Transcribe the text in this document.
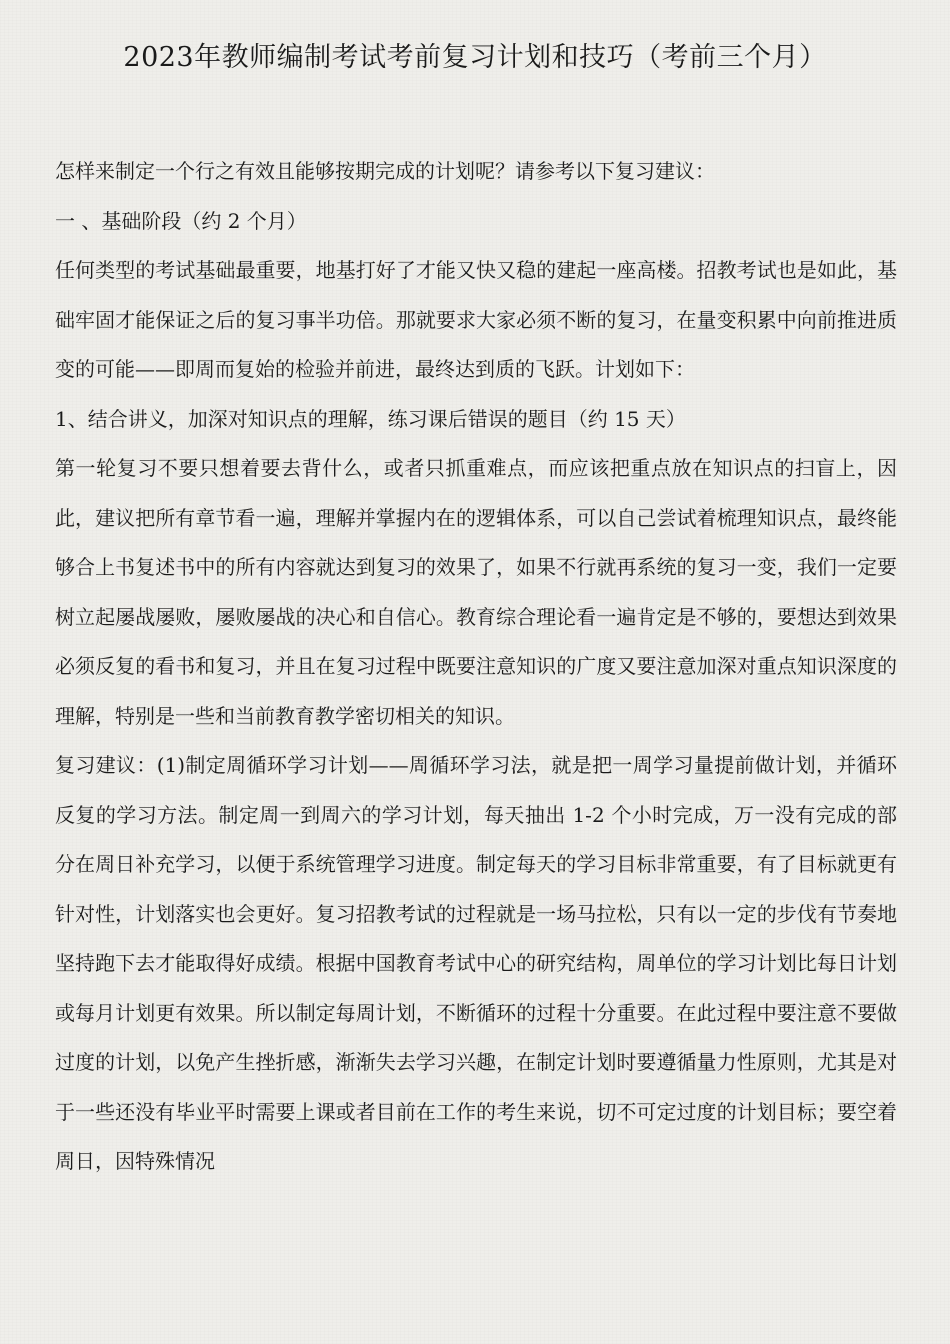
2023年教师编制考试考前复习计划和技巧（考前三个月）

怎样来制定一个行之有效且能够按期完成的计划呢？请参考以下复习建议：

一 、基础阶段（约 2 个月）

任何类型的考试基础最重要，地基打好了才能又快又稳的建起一座高楼。招教考试也是如此，基础牢固才能保证之后的复习事半功倍。那就要求大家必须不断的复习，在量变积累中向前推进质变的可能——即周而复始的检验并前进，最终达到质的飞跃。计划如下：

1、结合讲义，加深对知识点的理解，练习课后错误的题目（约 15 天）

第一轮复习不要只想着要去背什么，或者只抓重难点，而应该把重点放在知识点的扫盲上，因此，建议把所有章节看一遍，理解并掌握内在的逻辑体系，可以自己尝试着梳理知识点，最终能够合上书复述书中的所有内容就达到复习的效果了，如果不行就再系统的复习一变，我们一定要树立起屡战屡败，屡败屡战的决心和自信心。教育综合理论看一遍肯定是不够的，要想达到效果必须反复的看书和复习，并且在复习过程中既要注意知识的广度又要注意加深对重点知识深度的理解，特别是一些和当前教育教学密切相关的知识。

复习建议：(1)制定周循环学习计划——周循环学习法，就是把一周学习量提前做计划，并循环反复的学习方法。制定周一到周六的学习计划，每天抽出 1-2 个小时完成，万一没有完成的部分在周日补充学习，以便于系统管理学习进度。制定每天的学习目标非常重要，有了目标就更有针对性，计划落实也会更好。复习招教考试的过程就是一场马拉松，只有以一定的步伐有节奏地坚持跑下去才能取得好成绩。根据中国教育考试中心的研究结构，周单位的学习计划比每日计划或每月计划更有效果。所以制定每周计划，不断循环的过程十分重要。在此过程中要注意不要做过度的计划，以免产生挫折感，渐渐失去学习兴趣，在制定计划时要遵循量力性原则，尤其是对于一些还没有毕业平时需要上课或者目前在工作的考生来说，切不可定过度的计划目标；要空着周日，因特殊情况
